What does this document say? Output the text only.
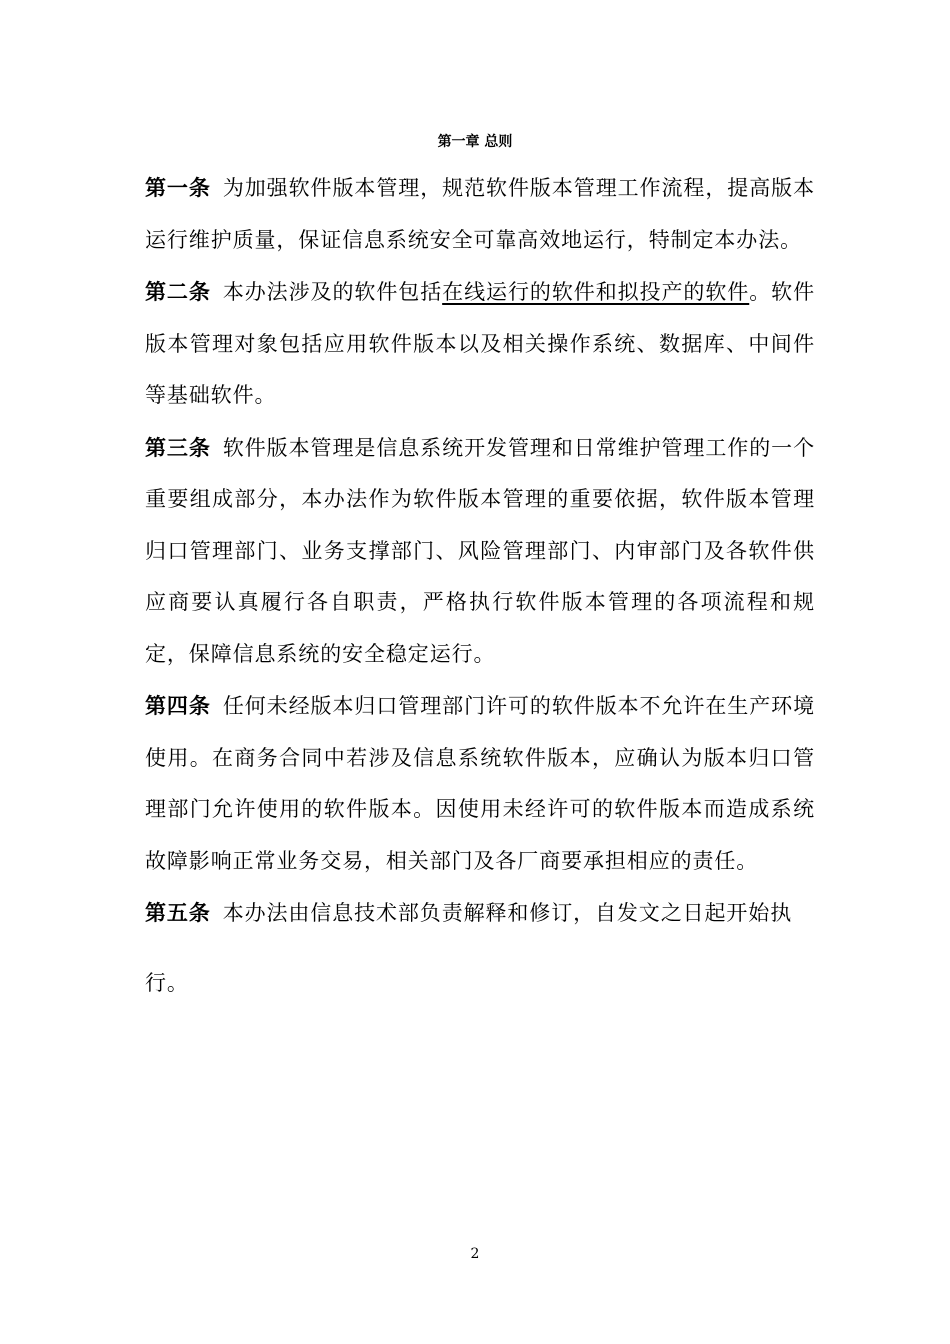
第一章 总则

第一条 为加强软件版本管理，规范软件版本管理工作流程，提高版本运行维护质量，保证信息系统安全可靠高效地运行，特制定本办法。

第二条 本办法涉及的软件包括在线运行的软件和拟投产的软件。软件版本管理对象包括应用软件版本以及相关操作系统、数据库、中间件等基础软件。

第三条 软件版本管理是信息系统开发管理和日常维护管理工作的一个重要组成部分，本办法作为软件版本管理的重要依据，软件版本管理归口管理部门、业务支撑部门、风险管理部门、内审部门及各软件供应商要认真履行各自职责，严格执行软件版本管理的各项流程和规定，保障信息系统的安全稳定运行。

第四条 任何未经版本归口管理部门许可的软件版本不允许在生产环境使用。在商务合同中若涉及信息系统软件版本，应确认为版本归口管理部门允许使用的软件版本。因使用未经许可的软件版本而造成系统故障影响正常业务交易，相关部门及各厂商要承担相应的责任。

第五条 本办法由信息技术部负责解释和修订，自发文之日起开始执

行。

2
